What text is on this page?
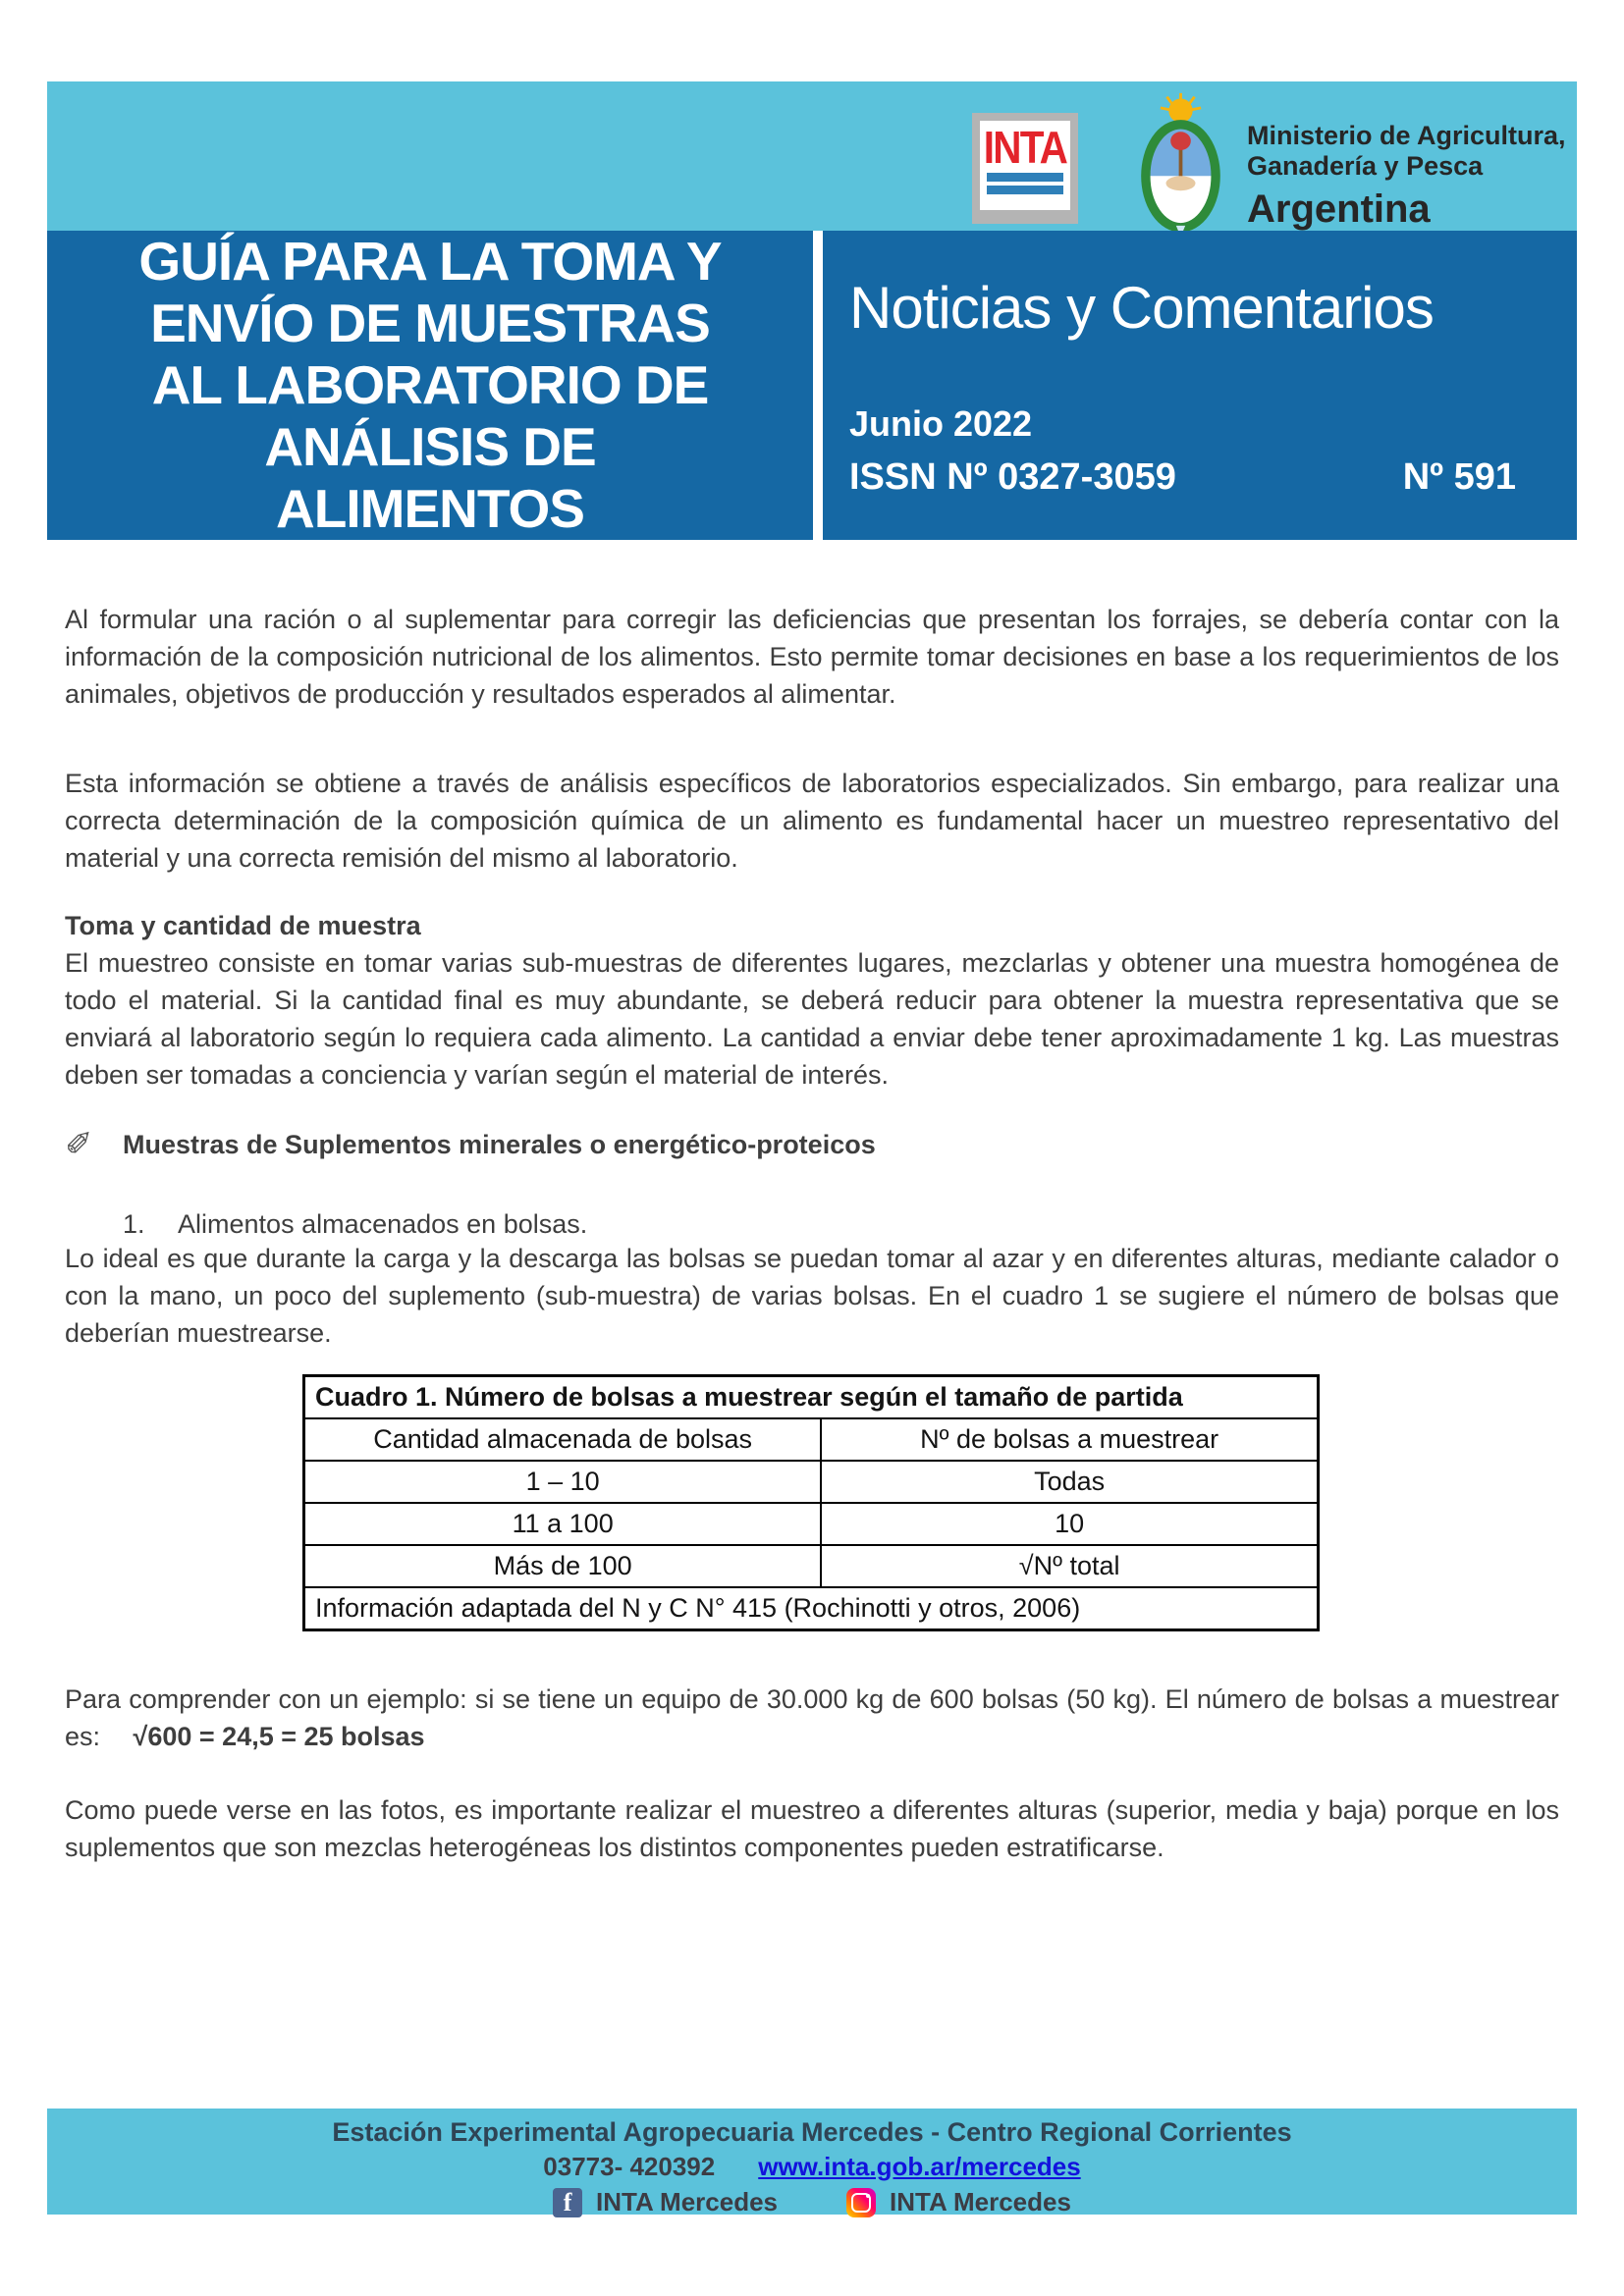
INTA	Ministerio de Agricultura,
Ganadería y Pesca
Argentina
GUÍA PARA LA TOMA Y
ENVÍO DE MUESTRAS
AL LABORATORIO DE
ANÁLISIS DE
ALIMENTOS
Noticias y Comentarios
Junio 2022
ISSN Nº 0327-3059	Nº 591
Al formular una ración o al suplementar para corregir las deficiencias que presentan los forrajes, se debería contar con la información de la composición nutricional de los alimentos. Esto permite tomar decisiones en base a los requerimientos de los animales, objetivos de producción y resultados esperados al alimentar.
Esta información se obtiene a través de análisis específicos de laboratorios especializados. Sin embargo, para realizar una correcta determinación de la composición química de un alimento es fundamental hacer un muestreo representativo del material y una correcta remisión del mismo al laboratorio.
Toma y cantidad de muestra
El muestreo consiste en tomar varias sub-muestras de diferentes lugares, mezclarlas y obtener una muestra homogénea de todo el material. Si la cantidad final es muy abundante, se deberá reducir para obtener la muestra representativa que se enviará al laboratorio según lo requiera cada alimento. La cantidad a enviar debe tener aproximadamente 1 kg. Las muestras deben ser tomadas a conciencia y varían según el material de interés.
✐	Muestras de Suplementos minerales o energético-proteicos
1. Alimentos almacenados en bolsas.
Lo ideal es que durante la carga y la descarga las bolsas se puedan tomar al azar y en diferentes alturas, mediante calador o con la mano, un poco del suplemento (sub-muestra) de varias bolsas. En el cuadro 1 se sugiere el número de bolsas que deberían muestrearse.
Cuadro 1. Número de bolsas a muestrear según el tamaño de partida	
Cantidad almacenada de bolsas	Nº de bolsas a muestrear
1 – 10	Todas
11 a 100	10
Más de 100	√Nº total
Información adaptada del N y C N° 415 (Rochinotti y otros, 2006)	
Para comprender con un ejemplo: si se tiene un equipo de 30.000 kg de 600 bolsas (50 kg). El número de bolsas a muestrear es: √600 = 24,5 = 25 bolsas
Como puede verse en las fotos, es importante realizar el muestreo a diferentes alturas (superior, media y baja) porque en los suplementos que son mezclas heterogéneas los distintos componentes pueden estratificarse.
Estación Experimental Agropecuaria Mercedes - Centro Regional Corrientes
03773- 420392 www.inta.gob.ar/mercedes
f INTA Mercedes	INTA Mercedes
